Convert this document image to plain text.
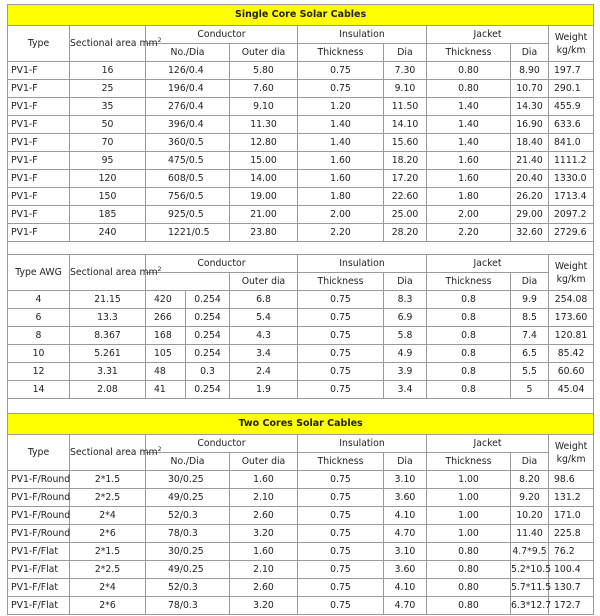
Single Core Solar Cables									
Type	Sectional area $mm^2$	Conductor			Insulation		Jacket		Weight kg/km
		No./Dia		Outer dia	Thickness	Dia	Thickness	Dia	
PV1-F	16	126/0.4		5.80	0.75	7.30	0.80	8.90	197.7
PV1-F	25	196/0.4		7.60	0.75	9.10	0.80	10.70	290.1
PV1-F	35	276/0.4		9.10	1.20	11.50	1.40	14.30	455.9
PV1-F	50	396/0.4		11.30	1.40	14.10	1.40	16.90	633.6
PV1-F	70	360/0.5		12.80	1.40	15.60	1.40	18.40	841.0
PV1-F	95	475/0.5		15.00	1.60	18.20	1.60	21.40	1111.2
PV1-F	120	608/0.5		14.00	1.60	17.20	1.60	20.40	1330.0
PV1-F	150	756/0.5		19.00	1.80	22.60	1.80	26.20	1713.4
PV1-F	185	925/0.5		21.00	2.00	25.00	2.00	29.00	2097.2
PV1-F	240	1221/0.5		23.80	2.20	28.20	2.20	32.60	2729.6

Type AWG	Sectional area $mm^2$	Conductor			Insulation		Jacket		Weight kg/km
				Outer dia	Thickness	Dia	Thickness	Dia	
4	21.15	420	0.254	6.8	0.75	8.3	0.8	9.9	254.08
6	13.3	266	0.254	5.4	0.75	6.9	0.8	8.5	173.60
8	8.367	168	0.254	4.3	0.75	5.8	0.8	7.4	120.81
10	5.261	105	0.254	3.4	0.75	4.9	0.8	6.5	85.42
12	3.31	48	0.3	2.4	0.75	3.9	0.8	5.5	60.60
14	2.08	41	0.254	1.9	0.75	3.4	0.8	5	45.04

Two Cores Solar Cables									
Type	Sectional area $mm^2$	Conductor			Insulation		Jacket		Weight kg/km
		No./Dia		Outer dia	Thickness	Dia	Thickness	Dia	
PV1-F/Round	2*1.5	30/0.25		1.60	0.75	3.10	1.00	8.20	98.6
PV1-F/Round	2*2.5	49/0.25		2.10	0.75	3.60	1.00	9.20	131.2
PV1-F/Round	2*4	52/0.3		2.60	0.75	4.10	1.00	10.20	171.0
PV1-F/Round	2*6	78/0.3		3.20	0.75	4.70	1.00	11.40	225.8
PV1-F/Flat	2*1.5	30/0.25		1.60	0.75	3.10	0.80	4.7*9.5	76.2
PV1-F/Flat	2*2.5	49/0.25		2.10	0.75	3.60	0.80	5.2*10.5	100.4
PV1-F/Flat	2*4	52/0.3		2.60	0.75	4.10	0.80	5.7*11.5	130.7
PV1-F/Flat	2*6	78/0.3		3.20	0.75	4.70	0.80	6.3*12.7	172.7
